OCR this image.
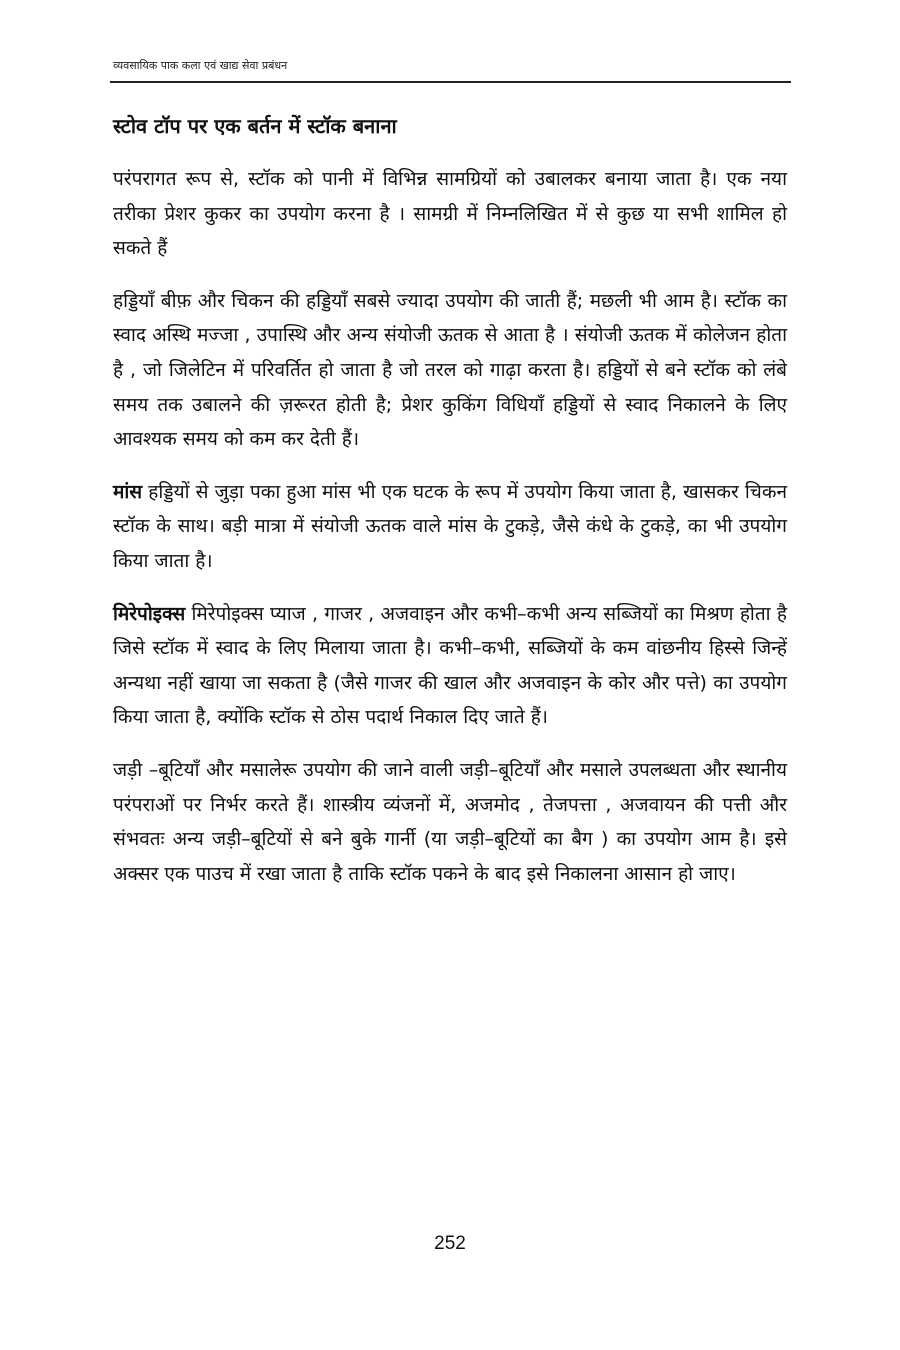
व्यवसायिक पाक कला एवं खाद्य सेवा प्रबंधन
स्टोव टॉप पर एक बर्तन में स्टॉक बनाना

परंपरागत रूप से, स्टॉक को पानी में विभिन्न सामग्रियों को उबालकर बनाया जाता है। एक नया तरीका प्रेशर कुकर का उपयोग करना है । सामग्री में निम्नलिखित में से कुछ या सभी शामिल हो सकते हैं

हड्डियाँ बीफ़ और चिकन की हड्डियाँ सबसे ज्यादा उपयोग की जाती हैं; मछली भी आम है। स्टॉक का स्वाद अस्थि मज्जा , उपास्थि और अन्य संयोजी ऊतक से आता है । संयोजी ऊतक में कोलेजन होता है , जो जिलेटिन में परिवर्तित हो जाता है जो तरल को गाढ़ा करता है। हड्डियों से बने स्टॉक को लंबे समय तक उबालने की ज़रूरत होती है; प्रेशर कुकिंग विधियाँ हड्डियों से स्वाद निकालने के लिए आवश्यक समय को कम कर देती हैं।

मांस हड्डियों से जुड़ा पका हुआ मांस भी एक घटक के रूप में उपयोग किया जाता है, खासकर चिकन स्टॉक के साथ। बड़ी मात्रा में संयोजी ऊतक वाले मांस के टुकड़े, जैसे कंधे के टुकड़े, का भी उपयोग किया जाता है।

मिरेपोइक्स मिरेपोइक्स प्याज , गाजर , अजवाइन और कभी–कभी अन्य सब्जियों का मिश्रण होता है जिसे स्टॉक में स्वाद के लिए मिलाया जाता है। कभी–कभी, सब्जियों के कम वांछनीय हिस्से जिन्हें अन्यथा नहीं खाया जा सकता है (जैसे गाजर की खाल और अजवाइन के कोर और पत्ते) का उपयोग किया जाता है, क्योंकि स्टॉक से ठोस पदार्थ निकाल दिए जाते हैं।

जड़ी –बूटियाँ और मसालेरू उपयोग की जाने वाली जड़ी–बूटियाँ और मसाले उपलब्धता और स्थानीय परंपराओं पर निर्भर करते हैं। शास्त्रीय व्यंजनों में, अजमोद , तेजपत्ता , अजवायन की पत्ती और संभवतः अन्य जड़ी–बूटियों से बने बुके गार्नी (या जड़ी–बूटियों का बैग ) का उपयोग आम है। इसे अक्सर एक पाउच में रखा जाता है ताकि स्टॉक पकने के बाद इसे निकालना आसान हो जाए।

252
